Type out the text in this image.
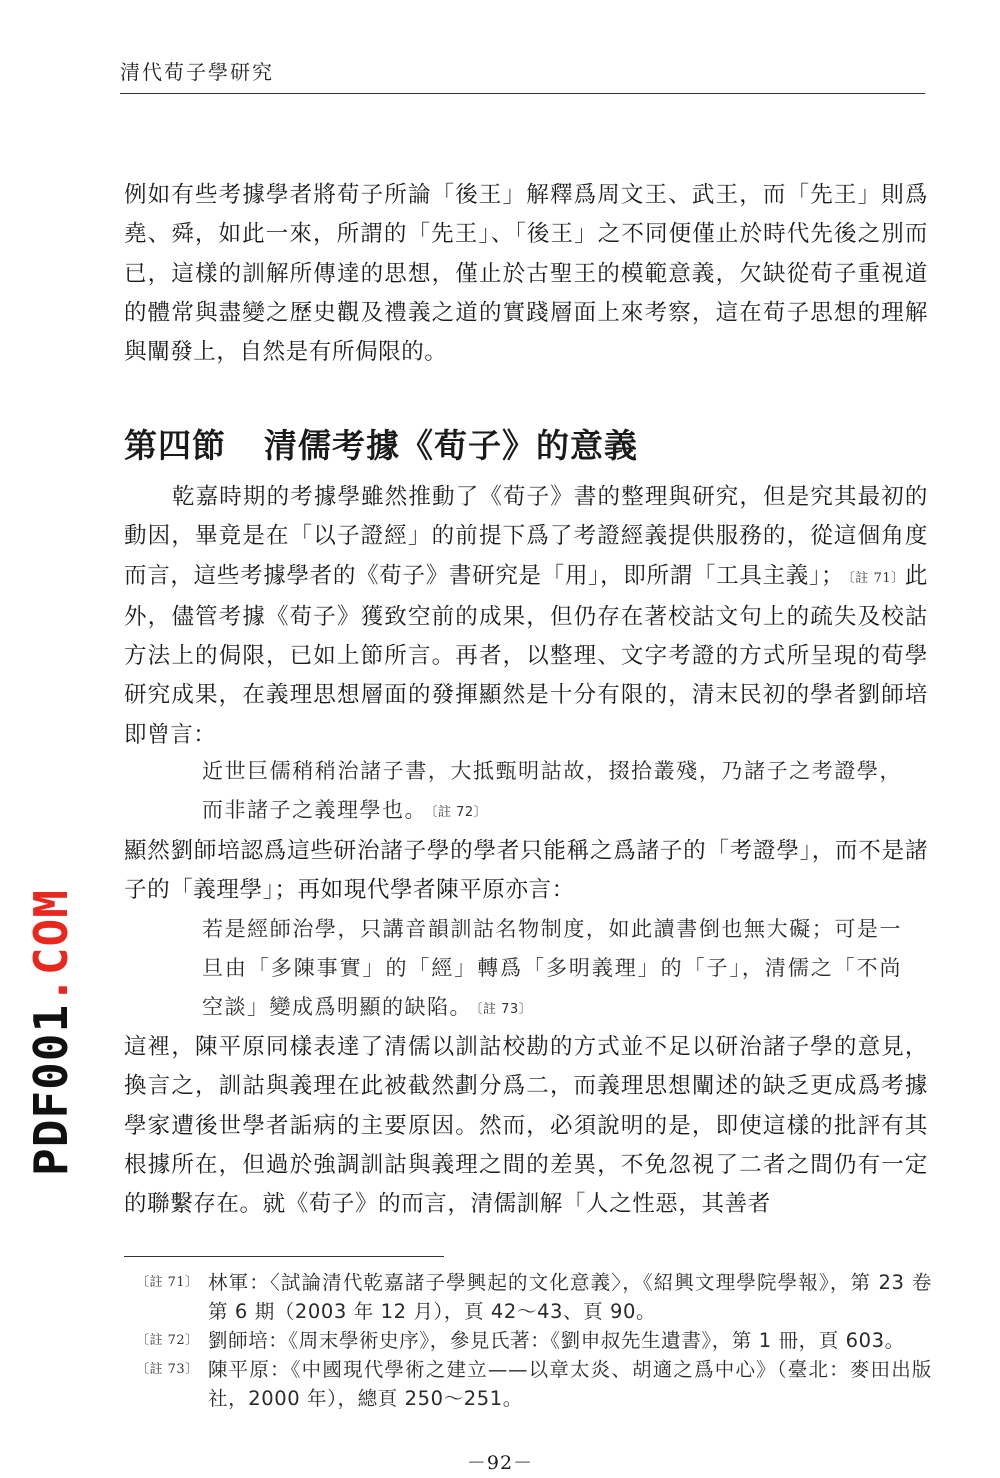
清代荀子學研究

例如有些考據學者將荀子所論「後王」解釋爲周文王、武王，而「先王」則爲堯、舜，如此一來，所謂的「先王」、「後王」之不同便僅止於時代先後之別而已，這樣的訓解所傳達的思想，僅止於古聖王的模範意義，欠缺從荀子重視道的體常與盡變之歷史觀及禮義之道的實踐層面上來考察，這在荀子思想的理解與闡發上，自然是有所侷限的。

第四節 清儒考據《荀子》的意義

乾嘉時期的考據學雖然推動了《荀子》書的整理與研究，但是究其最初的動因，畢竟是在「以子證經」的前提下爲了考證經義提供服務的，從這個角度而言，這些考據學者的《荀子》書研究是「用」，即所謂「工具主義」； 〔註 71〕此外，儘管考據《荀子》獲致空前的成果，但仍存在著校詁文句上的疏失及校詁方法上的侷限，已如上節所言。再者，以整理、文字考證的方式所呈現的荀學研究成果，在義理思想層面的發揮顯然是十分有限的，清末民初的學者劉師培即曾言：

近世巨儒稍稍治諸子書，大抵甄明詁故，掇拾叢殘，乃諸子之考證學，而非諸子之義理學也。 〔註 72〕

顯然劉師培認爲這些研治諸子學的學者只能稱之爲諸子的「考證學」，而不是諸子的「義理學」；再如現代學者陳平原亦言：

若是經師治學，只講音韻訓詁名物制度，如此讀書倒也無大礙；可是一旦由「多陳事實」的「經」轉爲「多明義理」的「子」，清儒之「不尚空談」變成爲明顯的缺陷。 〔註 73〕

這裡，陳平原同樣表達了清儒以訓詁校勘的方式並不足以研治諸子學的意見，換言之，訓詁與義理在此被截然劃分爲二，而義理思想闡述的缺乏更成爲考據學家遭後世學者詬病的主要原因。然而，必須說明的是，即使這樣的批評有其根據所在，但過於強調訓詁與義理之間的差異，不免忽視了二者之間仍有一定的聯繫存在。就《荀子》的而言，清儒訓解「人之性惡，其善者

〔註 71〕 林軍：〈試論清代乾嘉諸子學興起的文化意義〉，《紹興文理學院學報》，第 23 卷第 6 期（2003 年 12 月），頁 42～43、頁 90。
〔註 72〕 劉師培：《周末學術史序》，參見氏著：《劉申叔先生遺書》，第 1 冊，頁 603。
〔註 73〕 陳平原：《中國現代學術之建立——以章太炎、胡適之爲中心》（臺北：麥田出版社，2000 年），總頁 250～251。
－92－
PDF001.COM
